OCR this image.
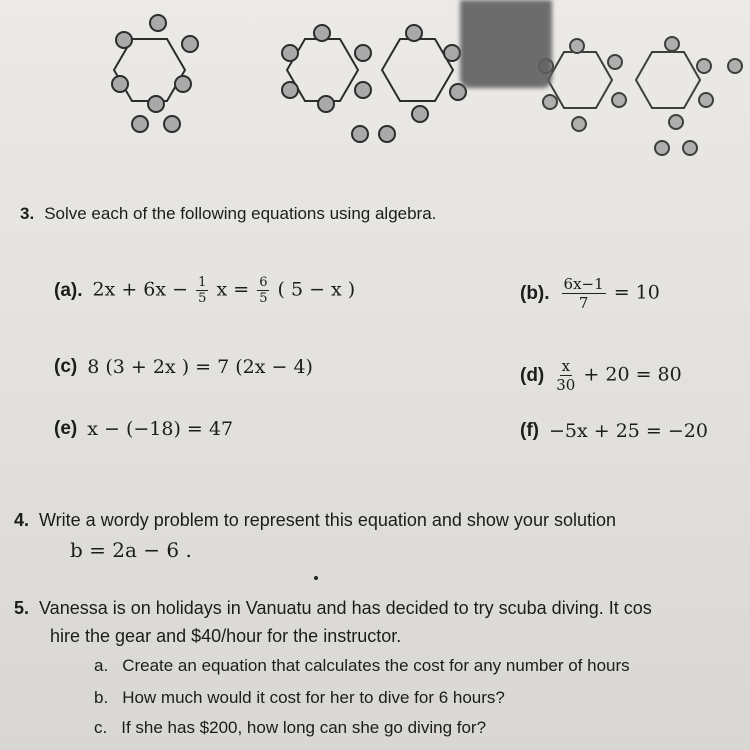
3. Solve each of the following equations using algebra.
(a). $2x + 6x - \frac{1}{5}$ $x = \frac{6}{5}$ ( 5 − x )	(b). $\frac{6x-1}{7} = 10$
(c) 8 (3 + 2x ) = 7 (2x − 4)	$(d) \frac{x}{30} + 20 = 80$
(e) x − (−18) = 47	(f) −5x + 25 = −20
4. Write a wordy problem to represent this equation and show your solution
b = 2a − 6 .
5. Vanessa is on holidays in Vanuatu and has decided to try scuba diving. It cos
hire the gear and $40/hour for the instructor.
a. Create an equation that calculates the cost for any number of hours
b. How much would it cost for her to dive for 6 hours?
c. If she has $200, how long can she go diving for?
